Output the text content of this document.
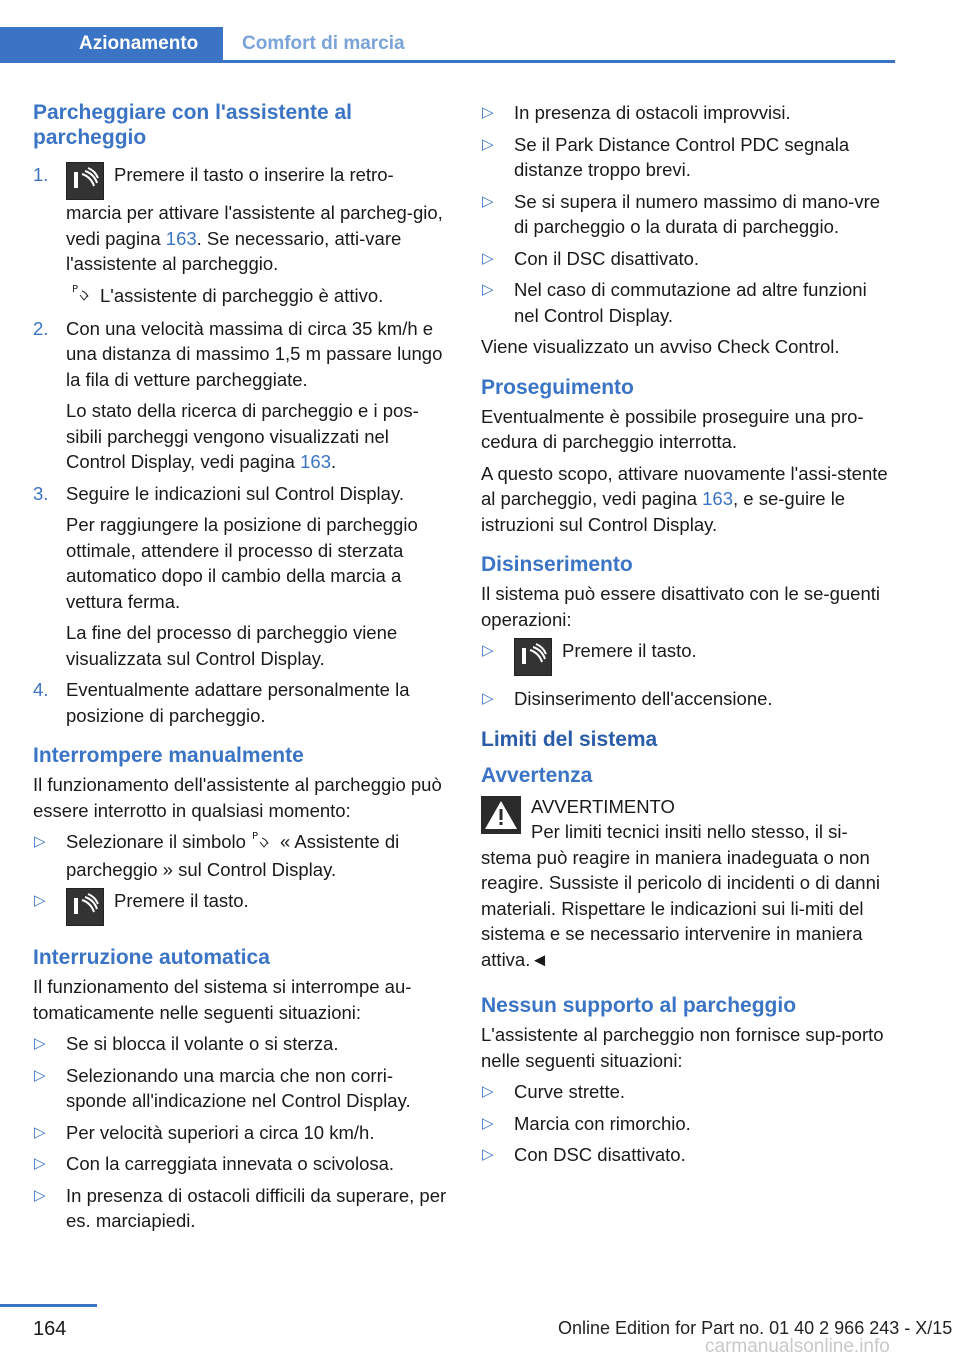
Azionamento	Comfort di marcia
Parcheggiare con l'assistente al parcheggio
1.	Premere il tasto o inserire la retro-marcia per attivare l'assistente al parcheg-gio, vedi pagina 163. Se necessario, atti-vare l'assistente al parcheggio.

P L'assistente di parcheggio è attivo.

2. Con una velocità massima di circa 35 km/h e una distanza di massimo 1,5 m passare lungo la fila di vetture parcheggiate.

Lo stato della ricerca di parcheggio e i pos-sibili parcheggi vengono visualizzati nel Control Display, vedi pagina 163.

3. Seguire le indicazioni sul Control Display.

Per raggiungere la posizione di parcheggio ottimale, attendere il processo di sterzata automatico dopo il cambio della marcia a vettura ferma.

La fine del processo di parcheggio viene visualizzata sul Control Display.

4. Eventualmente adattare personalmente la posizione di parcheggio.

Interrompere manualmente

Il funzionamento dell'assistente al parcheggio può essere interrotto in qualsiasi momento:

▷ Selezionare il simbolo P « Assistente di parcheggio » sul Control Display.
▷	Premere il tasto.
Interruzione automatica

Il funzionamento del sistema si interrompe au-tomaticamente nelle seguenti situazioni:

▷ Se si blocca il volante o si sterza.
▷ Selezionando una marcia che non corri-sponde all'indicazione nel Control Display.
▷ Per velocità superiori a circa 10 km/h.
▷ Con la carreggiata innevata o scivolosa.
▷ In presenza di ostacoli difficili da superare, per es. marciapiedi.
▷ In presenza di ostacoli improvvisi.
▷ Se il Park Distance Control PDC segnala distanze troppo brevi.
▷ Se si supera il numero massimo di mano-vre di parcheggio o la durata di parcheggio.
▷ Con il DSC disattivato.
▷ Nel caso di commutazione ad altre funzioni nel Control Display.

Viene visualizzato un avviso Check Control.

Proseguimento

Eventualmente è possibile proseguire una pro-cedura di parcheggio interrotta.

A questo scopo, attivare nuovamente l'assi-stente al parcheggio, vedi pagina 163, e se-guire le istruzioni sul Control Display.

Disinserimento

Il sistema può essere disattivato con le se-guenti operazioni:

▷	Premere il tasto.
▷ Disinserimento dell'accensione.
Limiti del sistema
Avvertenza
AVVERTIMENTO
Per limiti tecnici insiti nello stesso, il si-stema può reagire in maniera inadeguata o non reagire. Sussiste il pericolo di incidenti o di danni materiali. Rispettare le indicazioni sui li-miti del sistema e se necessario intervenire in maniera attiva.◄
Nessun supporto al parcheggio

L'assistente al parcheggio non fornisce sup-porto nelle seguenti situazioni:

▷ Curve strette.
▷ Marcia con rimorchio.
▷ Con DSC disattivato.
164	Online Edition for Part no. 01 40 2 966 243 - X/15
carmanualsonline.info
